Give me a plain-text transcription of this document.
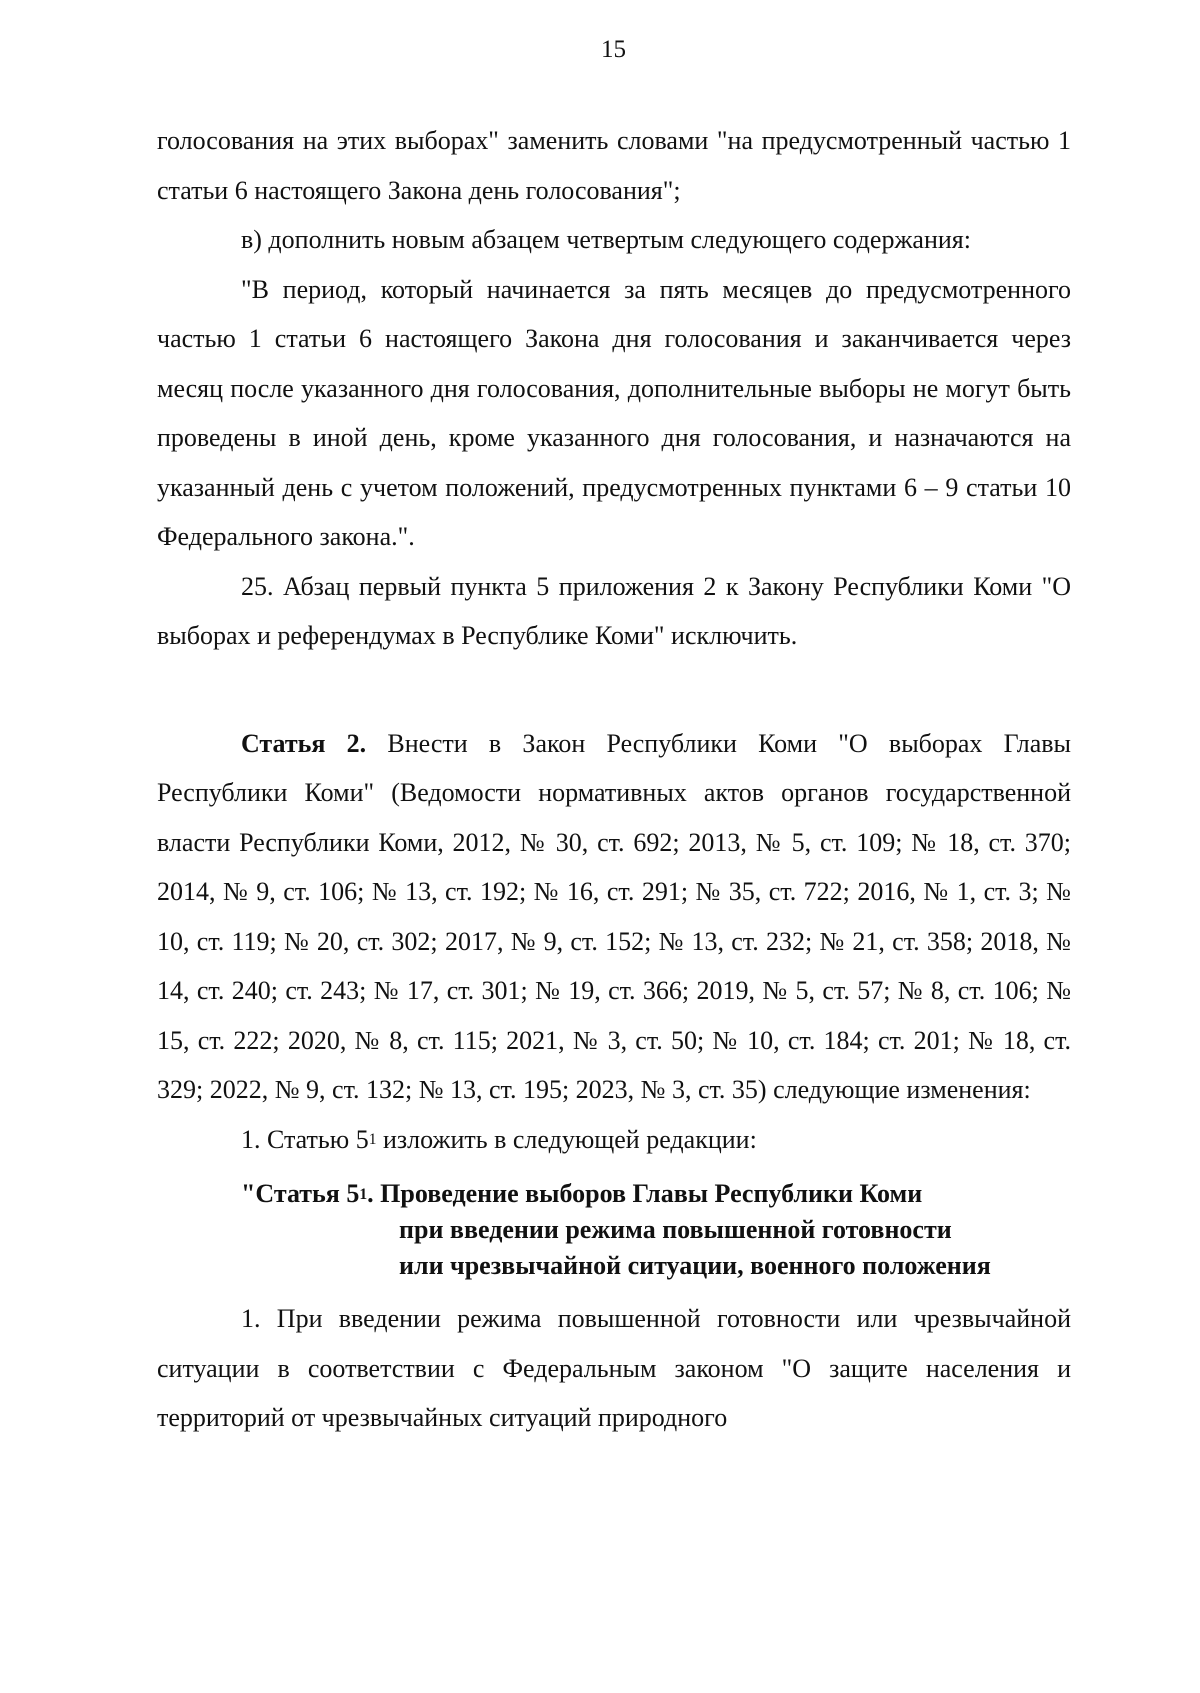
15

голосования на этих выборах" заменить словами "на предусмотренный частью 1 статьи 6 настоящего Закона день голосования";

в) дополнить новым абзацем четвертым следующего содержания:

"В период, который начинается за пять месяцев до предусмотренного частью 1 статьи 6 настоящего Закона дня голосования и заканчивается через месяц после указанного дня голосования, дополнительные выборы не могут быть проведены в иной день, кроме указанного дня голосования, и назначаются на указанный день с учетом положений, предусмотренных пунктами 6 – 9 статьи 10 Федерального закона.".

25. Абзац первый пункта 5 приложения 2 к Закону Республики Коми "О выборах и референдумах в Республике Коми" исключить.

Статья 2. Внести в Закон Республики Коми "О выборах Главы Республики Коми" (Ведомости нормативных актов органов государственной власти Республики Коми, 2012, № 30, ст. 692; 2013, № 5, ст. 109; № 18, ст. 370; 2014, № 9, ст. 106; № 13, ст. 192; № 16, ст. 291; № 35, ст. 722; 2016, № 1, ст. 3; № 10, ст. 119; № 20, ст. 302; 2017, № 9, ст. 152; № 13, ст. 232; № 21, ст. 358; 2018, № 14, ст. 240; ст. 243; № 17, ст. 301; № 19, ст. 366; 2019, № 5, ст. 57; № 8, ст. 106; № 15, ст. 222; 2020, № 8, ст. 115; 2021, № 3, ст. 50; № 10, ст. 184; ст. 201; № 18, ст. 329; 2022, № 9, ст. 132; № 13, ст. 195; 2023, № 3, ст. 35) следующие изменения:

1. Статью $5^1$ изложить в следующей редакции:

"Статья $5^1$. Проведение выборов Главы Республики Коми
при введении режима повышенной готовности
или чрезвычайной ситуации, военного положения

1. При введении режима повышенной готовности или чрезвычайной ситуации в соответствии с Федеральным законом "О защите населения и территорий от чрезвычайных ситуаций природного
